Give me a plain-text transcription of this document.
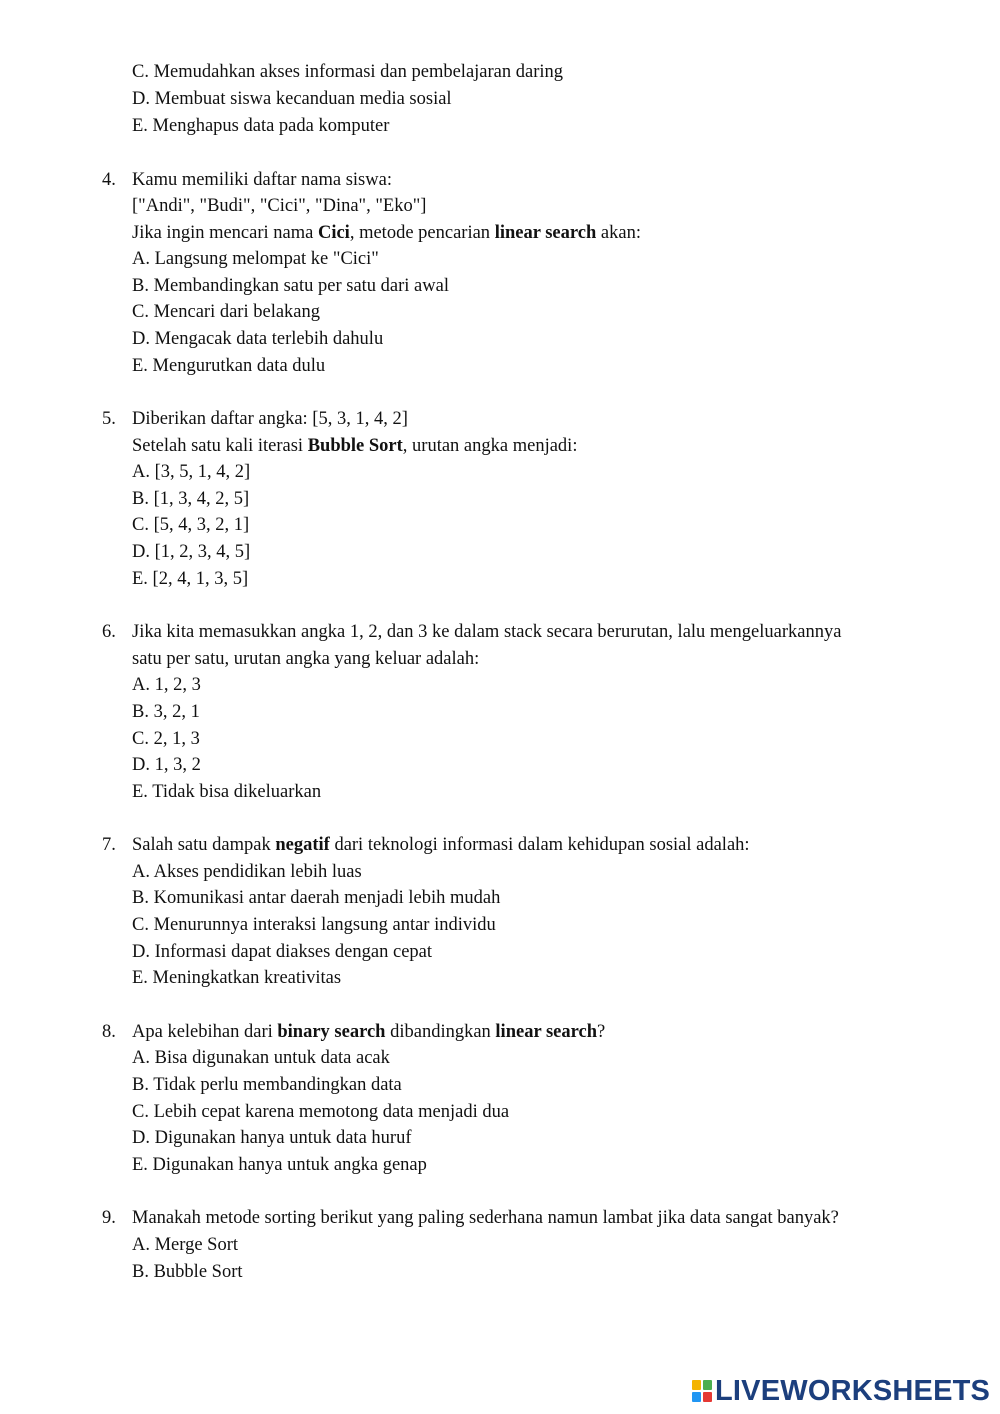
C. Memudahkan akses informasi dan pembelajaran daring
D. Membuat siswa kecanduan media sosial
E. Menghapus data pada komputer
4. Kamu memiliki daftar nama siswa:
["Andi", "Budi", "Cici", "Dina", "Eko"]
Jika ingin mencari nama Cici, metode pencarian linear search akan:
A. Langsung melompat ke "Cici"
B. Membandingkan satu per satu dari awal
C. Mencari dari belakang
D. Mengacak data terlebih dahulu
E. Mengurutkan data dulu
5. Diberikan daftar angka: [5, 3, 1, 4, 2]
Setelah satu kali iterasi Bubble Sort, urutan angka menjadi:
A. [3, 5, 1, 4, 2]
B. [1, 3, 4, 2, 5]
C. [5, 4, 3, 2, 1]
D. [1, 2, 3, 4, 5]
E. [2, 4, 1, 3, 5]
6. Jika kita memasukkan angka 1, 2, dan 3 ke dalam stack secara berurutan, lalu mengeluarkannya
satu per satu, urutan angka yang keluar adalah:
A. 1, 2, 3
B. 3, 2, 1
C. 2, 1, 3
D. 1, 3, 2
E. Tidak bisa dikeluarkan
7. Salah satu dampak negatif dari teknologi informasi dalam kehidupan sosial adalah:
A. Akses pendidikan lebih luas
B. Komunikasi antar daerah menjadi lebih mudah
C. Menurunnya interaksi langsung antar individu
D. Informasi dapat diakses dengan cepat
E. Meningkatkan kreativitas
8. Apa kelebihan dari binary search dibandingkan linear search?
A. Bisa digunakan untuk data acak
B. Tidak perlu membandingkan data
C. Lebih cepat karena memotong data menjadi dua
D. Digunakan hanya untuk data huruf
E. Digunakan hanya untuk angka genap
9. Manakah metode sorting berikut yang paling sederhana namun lambat jika data sangat banyak?
A. Merge Sort
B. Bubble Sort
LIVEWORKSHEETS
